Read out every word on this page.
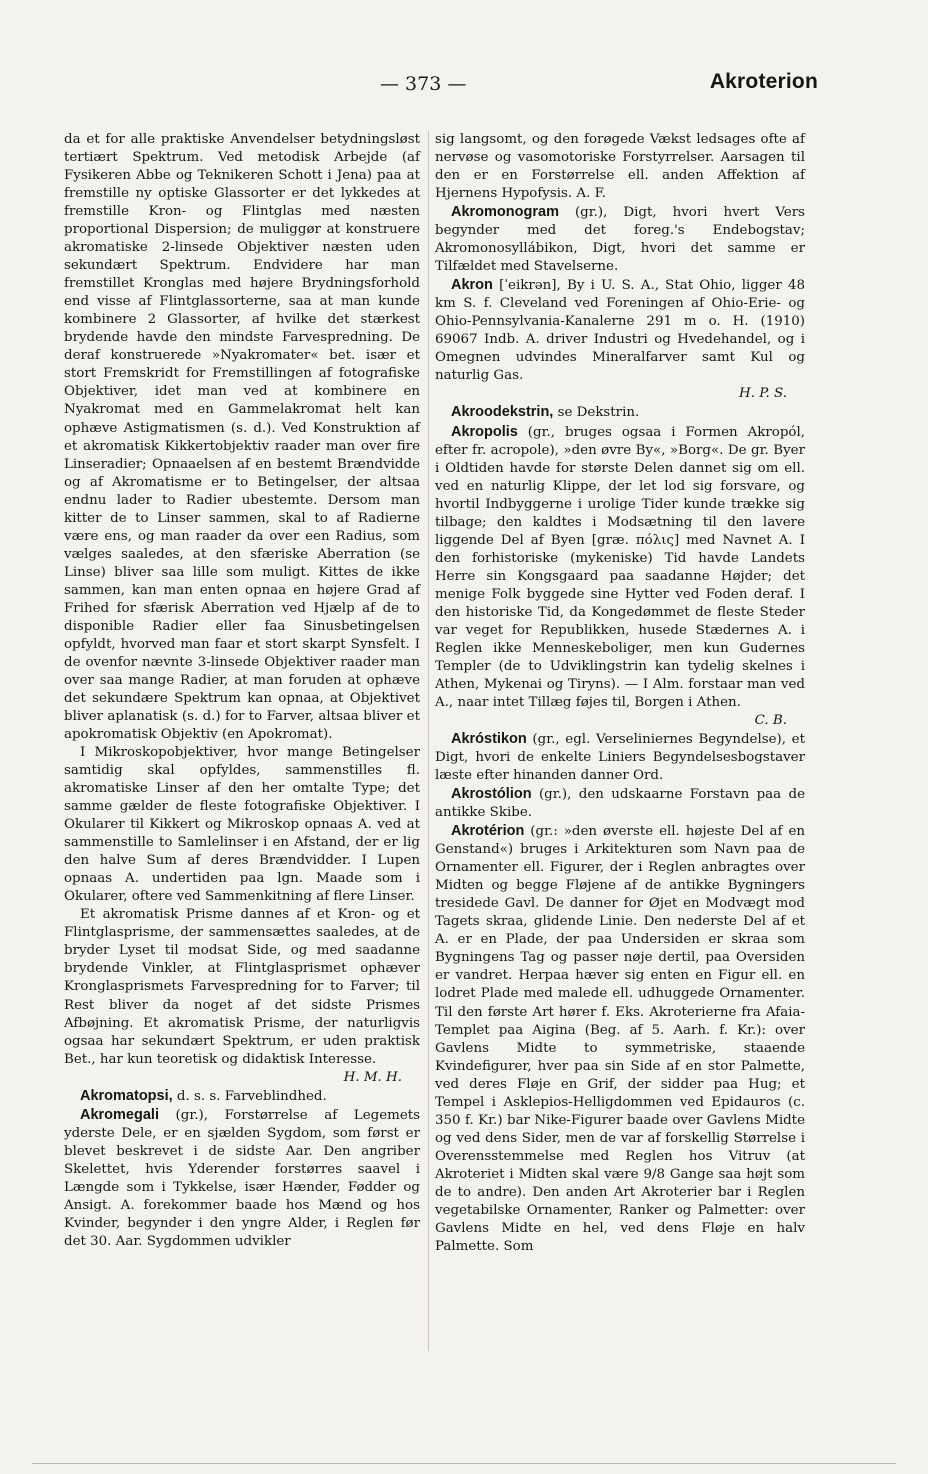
— 373 —	Akroterion

da et for alle praktiske Anvendelser betydningsløst tertiært Spektrum. Ved metodisk Arbejde (af Fysikeren Abbe og Teknikeren Schott i Jena) paa at fremstille ny optiske Glassorter er det lykkedes at fremstille Kron- og Flintglas med næsten proportional Dispersion; de muliggør at konstruere akromatiske 2-linsede Objektiver næsten uden sekundært Spektrum. Endvidere har man fremstillet Kronglas med højere Brydningsforhold end visse af Flintglassorterne, saa at man kunde kombinere 2 Glassorter, af hvilke det stærkest brydende havde den mindste Farvespredning. De deraf konstruerede »Nyakromater« bet. især et stort Fremskridt for Fremstillingen af fotografiske Objektiver, idet man ved at kombinere en Nyakromat med en Gammelakromat helt kan ophæve Astigmatismen (s. d.). Ved Konstruktion af et akromatisk Kikkertobjektiv raader man over fire Linseradier; Opnaaelsen af en bestemt Brændvidde og af Akromatisme er to Betingelser, der altsaa endnu lader to Radier ubestemte. Dersom man kitter de to Linser sammen, skal to af Radierne være ens, og man raader da over een Radius, som vælges saaledes, at den sfæriske Aberration (se Linse) bliver saa lille som muligt. Kittes de ikke sammen, kan man enten opnaa en højere Grad af Frihed for sfærisk Aberration ved Hjælp af de to disponible Radier eller faa Sinusbetingelsen opfyldt, hvorved man faar et stort skarpt Synsfelt. I de ovenfor nævnte 3-linsede Objektiver raader man over saa mange Radier, at man foruden at ophæve det sekundære Spektrum kan opnaa, at Objektivet bliver aplanatisk (s. d.) for to Farver, altsaa bliver et apokromatisk Objektiv (en Apokromat).

I Mikroskopobjektiver, hvor mange Betingelser samtidig skal opfyldes, sammenstilles fl. akromatiske Linser af den her omtalte Type; det samme gælder de fleste fotografiske Objektiver. I Okularer til Kikkert og Mikroskop opnaas A. ved at sammenstille to Samlelinser i en Afstand, der er lig den halve Sum af deres Brændvidder. I Lupen opnaas A. undertiden paa lgn. Maade som i Okularer, oftere ved Sammenkitning af flere Linser.

Et akromatisk Prisme dannes af et Kron- og et Flintglasprisme, der sammensættes saaledes, at de bryder Lyset til modsat Side, og med saadanne brydende Vinkler, at Flintglasprismet ophæver Kronglasprismets Farvespredning for to Farver; til Rest bliver da noget af det sidste Prismes Afbøjning. Et akromatisk Prisme, der naturligvis ogsaa har sekundært Spektrum, er uden praktisk Bet., har kun teoretisk og didaktisk Interesse.

H. M. H.

Akromatopsi, d. s. s. Farveblindhed.

Akromegali (gr.), Forstørrelse af Legemets yderste Dele, er en sjælden Sygdom, som først er blevet beskrevet i de sidste Aar. Den angriber Skelettet, hvis Yderender forstørres saavel i Længde som i Tykkelse, især Hænder, Fødder og Ansigt. A. forekommer baade hos Mænd og hos Kvinder, begynder i den yngre Alder, i Reglen før det 30. Aar. Sygdommen udvikler

sig langsomt, og den forøgede Vækst ledsages ofte af nervøse og vasomotoriske Forstyrrelser. Aarsagen til den er en Forstørrelse ell. anden Affektion af Hjernens Hypofysis. A. F.

Akromonogram (gr.), Digt, hvori hvert Vers begynder med det foreg.'s Endebogstav; Akromonosyllábikon, Digt, hvori det samme er Tilfældet med Stavelserne.

Akron [ˈeikrən], By i U. S. A., Stat Ohio, ligger 48 km S. f. Cleveland ved Foreningen af Ohio-Erie- og Ohio-Pennsylvania-Kanalerne 291 m o. H. (1910) 69067 Indb. A. driver Industri og Hvedehandel, og i Omegnen udvindes Mineralfarver samt Kul og naturlig Gas.

H. P. S.

Akroodekstrin, se Dekstrin.

Akropolis (gr., bruges ogsaa i Formen Akropól, efter fr. acropole), »den øvre By«, »Borg«. De gr. Byer i Oldtiden havde for største Delen dannet sig om ell. ved en naturlig Klippe, der let lod sig forsvare, og hvortil Indbyggerne i urolige Tider kunde trække sig tilbage; den kaldtes i Modsætning til den lavere liggende Del af Byen [græ. πόλις] med Navnet A. I den forhistoriske (mykeniske) Tid havde Landets Herre sin Kongsgaard paa saadanne Højder; det menige Folk byggede sine Hytter ved Foden deraf. I den historiske Tid, da Kongedømmet de fleste Steder var veget for Republikken, husede Stædernes A. i Reglen ikke Menneskeboliger, men kun Gudernes Templer (de to Udviklingstrin kan tydelig skelnes i Athen, Mykenai og Tiryns). — I Alm. forstaar man ved A., naar intet Tillæg føjes til, Borgen i Athen.

C. B.

Akróstikon (gr., egl. Verseliniernes Begyndelse), et Digt, hvori de enkelte Liniers Begyndelsesbogstaver læste efter hinanden danner Ord.

Akrostólion (gr.), den udskaarne Forstavn paa de antikke Skibe.

Akrotérion (gr.: »den øverste ell. højeste Del af en Genstand«) bruges i Arkitekturen som Navn paa de Ornamenter ell. Figurer, der i Reglen anbragtes over Midten og begge Fløjene af de antikke Bygningers tresidede Gavl. De danner for Øjet en Modvægt mod Tagets skraa, glidende Linie. Den nederste Del af et A. er en Plade, der paa Undersiden er skraa som Bygningens Tag og passer nøje dertil, paa Oversiden er vandret. Herpaa hæver sig enten en Figur ell. en lodret Plade med malede ell. udhuggede Ornamenter. Til den første Art hører f. Eks. Akroterierne fra Afaia-Templet paa Aigina (Beg. af 5. Aarh. f. Kr.): over Gavlens Midte to symmetriske, staaende Kvindefigurer, hver paa sin Side af en stor Palmette, ved deres Fløje en Grif, der sidder paa Hug; et Tempel i Asklepios-Helligdommen ved Epidauros (c. 350 f. Kr.) bar Nike-Figurer baade over Gavlens Midte og ved dens Sider, men de var af forskellig Størrelse i Overensstemmelse med Reglen hos Vitruv (at Akroteriet i Midten skal være 9/8 Gange saa højt som de to andre). Den anden Art Akroterier bar i Reglen vegetabilske Ornamenter, Ranker og Palmetter: over Gavlens Midte en hel, ved dens Fløje en halv Palmette. Som
